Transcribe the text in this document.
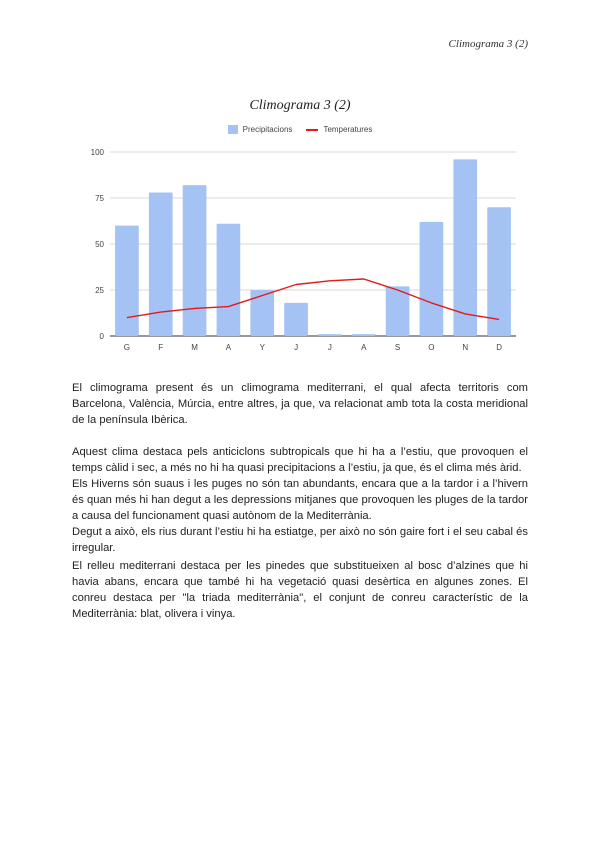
Climograma 3 (2)
Climograma 3 (2)
Precipitacions	Temperatures
0
25
50
75
100
G	F	M	A	Y	J	J	A	S	O	N	D

El climograma present és un climograma mediterrani, el qual afecta territoris com Barcelona, València, Múrcia, entre altres, ja que, va relacionat amb tota la costa meridional de la península Ibèrica.

Aquest clima destaca pels anticiclons subtropicals que hi ha a l’estiu, que provoquen el temps càlid i sec, a més no hi ha quasi precipitacions a l’estiu, ja que, és el clima més àrid.

Els Hiverns són suaus i les puges no són tan abundants, encara que a la tardor i a l’hivern és quan més hi han degut a les depressions mitjanes que provoquen les pluges de la tardor a causa del funcionament quasi autònom de la Mediterrània.

Degut a això, els rius durant l’estiu hi ha estiatge, per això no són gaire fort i el seu cabal és irregular.

El relleu mediterrani destaca per les pinedes que substitueixen al bosc d’alzines que hi havia abans, encara que també hi ha vegetació quasi desèrtica en algunes zones. El conreu destaca per "la triada mediterrània", el conjunt de conreu característic de la Mediterrània: blat, olivera i vinya.
